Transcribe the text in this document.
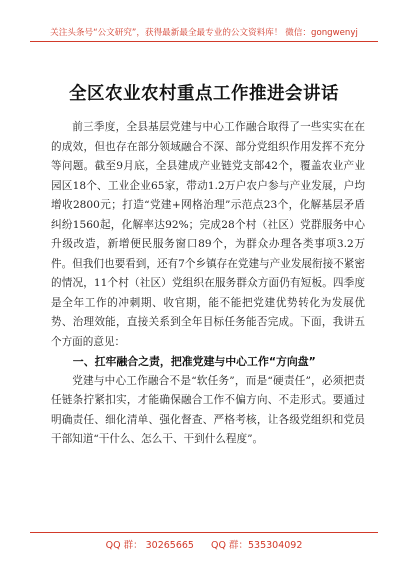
关注头条号“公文研究”，获得最新最全最专业的公文资料库！ 微信：gongwenyj
全区农业农村重点工作推进会讲话

前三季度，全县基层党建与中心工作融合取得了一些实实在在的成效，但也存在部分领域融合不深、部分党组织作用发挥不充分等问题。截至9月底，全县建成产业链党支部42个，覆盖农业产业园区18个、工业企业65家，带动1.2万户农户参与产业发展，户均增收2800元；打造“党建+网格治理”示范点23个，化解基层矛盾纠纷1560起，化解率达92%；完成28个村（社区）党群服务中心升级改造，新增便民服务窗口89个，为群众办理各类事项3.2万件。但我们也要看到，还有7个乡镇存在党建与产业发展衔接不紧密的情况，11个村（社区）党组织在服务群众方面仍有短板。四季度是全年工作的冲刺期、收官期，能不能把党建优势转化为发展优势、治理效能，直接关系到全年目标任务能否完成。下面，我讲五个方面的意见：

一、扛牢融合之责，把准党建与中心工作“方向盘”

党建与中心工作融合不是“软任务”，而是“硬责任”，必须把责任链条拧紧扣实，才能确保融合工作不偏方向、不走形式。要通过明确责任、细化清单、强化督查、严格考核，让各级党组织和党员干部知道“干什么、怎么干、干到什么程度”。

QQ 群： 30265665 QQ 群：535304092
